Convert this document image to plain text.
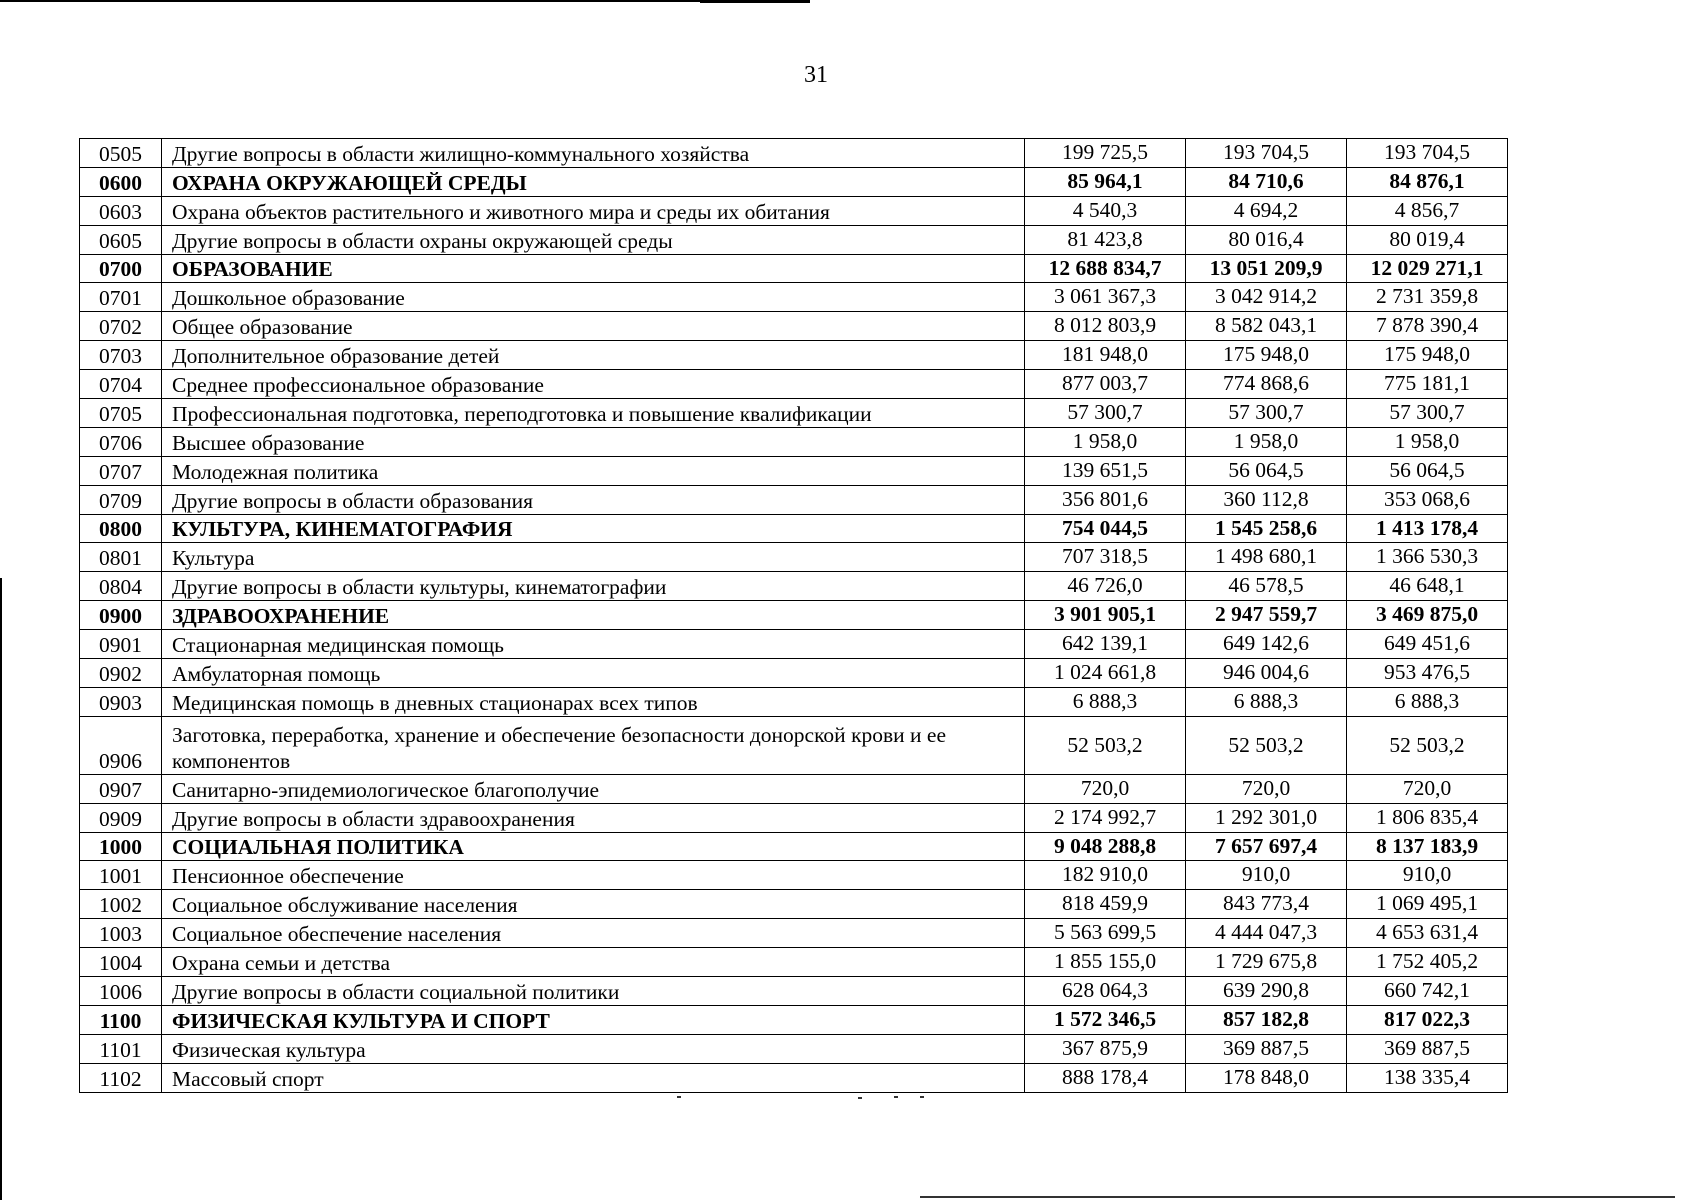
31
0505	Другие вопросы в области жилищно-коммунального хозяйства	199 725,5	193 704,5	193 704,5
0600	ОХРАНА ОКРУЖАЮЩЕЙ СРЕДЫ	85 964,1	84 710,6	84 876,1
0603	Охрана объектов растительного и животного мира и среды их обитания	4 540,3	4 694,2	4 856,7
0605	Другие вопросы в области охраны окружающей среды	81 423,8	80 016,4	80 019,4
0700	ОБРАЗОВАНИЕ	12 688 834,7	13 051 209,9	12 029 271,1
0701	Дошкольное образование	3 061 367,3	3 042 914,2	2 731 359,8
0702	Общее образование	8 012 803,9	8 582 043,1	7 878 390,4
0703	Дополнительное образование детей	181 948,0	175 948,0	175 948,0
0704	Среднее профессиональное образование	877 003,7	774 868,6	775 181,1
0705	Профессиональная подготовка, переподготовка и повышение квалификации	57 300,7	57 300,7	57 300,7
0706	Высшее образование	1 958,0	1 958,0	1 958,0
0707	Молодежная политика	139 651,5	56 064,5	56 064,5
0709	Другие вопросы в области образования	356 801,6	360 112,8	353 068,6
0800	КУЛЬТУРА, КИНЕМАТОГРАФИЯ	754 044,5	1 545 258,6	1 413 178,4
0801	Культура	707 318,5	1 498 680,1	1 366 530,3
0804	Другие вопросы в области культуры, кинематографии	46 726,0	46 578,5	46 648,1
0900	ЗДРАВООХРАНЕНИЕ	3 901 905,1	2 947 559,7	3 469 875,0
0901	Стационарная медицинская помощь	642 139,1	649 142,6	649 451,6
0902	Амбулаторная помощь	1 024 661,8	946 004,6	953 476,5
0903	Медицинская помощь в дневных стационарах всех типов	6 888,3	6 888,3	6 888,3
0906	Заготовка, переработка, хранение и обеспечение безопасности донорской крови и ее компонентов	52 503,2	52 503,2	52 503,2
0907	Санитарно-эпидемиологическое благополучие	720,0	720,0	720,0
0909	Другие вопросы в области здравоохранения	2 174 992,7	1 292 301,0	1 806 835,4
1000	СОЦИАЛЬНАЯ ПОЛИТИКА	9 048 288,8	7 657 697,4	8 137 183,9
1001	Пенсионное обеспечение	182 910,0	910,0	910,0
1002	Социальное обслуживание населения	818 459,9	843 773,4	1 069 495,1
1003	Социальное обеспечение населения	5 563 699,5	4 444 047,3	4 653 631,4
1004	Охрана семьи и детства	1 855 155,0	1 729 675,8	1 752 405,2
1006	Другие вопросы в области социальной политики	628 064,3	639 290,8	660 742,1
1100	ФИЗИЧЕСКАЯ КУЛЬТУРА И СПОРТ	1 572 346,5	857 182,8	817 022,3
1101	Физическая культура	367 875,9	369 887,5	369 887,5
1102	Массовый спорт	888 178,4	178 848,0	138 335,4
